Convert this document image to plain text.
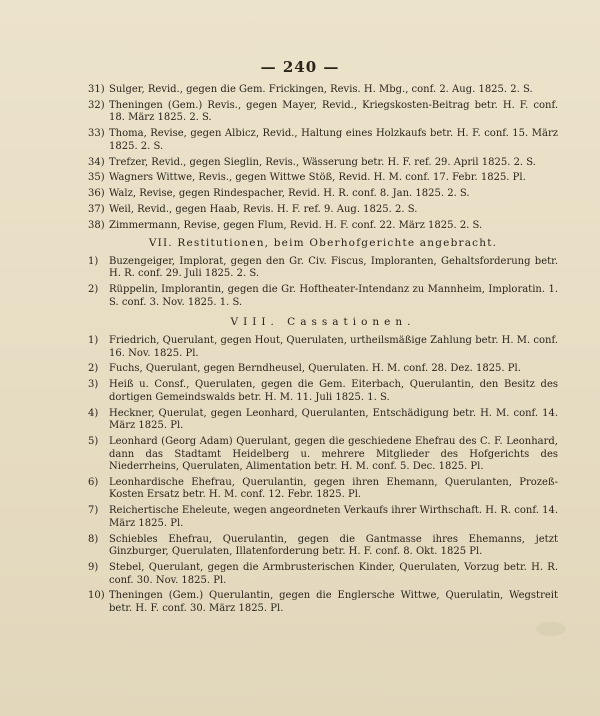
— 240 —
31) Sulger, Revid., gegen die Gem. Frickingen, Revis. H. Mbg., conf. 2. Aug. 1825. 2. S.
32) Theningen (Gem.) Revis., gegen Mayer, Revid., Kriegskosten-Beitrag betr. H. F. conf. 18. März 1825. 2. S.
33) Thoma, Revise, gegen Albicz, Revid., Haltung eines Holzkaufs betr. H. F. conf. 15. März 1825. 2. S.
34) Trefzer, Revid., gegen Sieglin, Revis., Wässerung betr. H. F. ref. 29. April 1825. 2. S.
35) Wagners Wittwe, Revis., gegen Wittwe Stöß, Revid. H. M. conf. 17. Febr. 1825. Pl.
36) Walz, Revise, gegen Rindespacher, Revid. H. R. conf. 8. Jan. 1825. 2. S.
37) Weil, Revid., gegen Haab, Revis. H. F. ref. 9. Aug. 1825. 2. S.
38) Zimmermann, Revise, gegen Flum, Revid. H. F. conf. 22. März 1825. 2. S.
VII. Restitutionen, beim Oberhofgerichte angebracht.
1)	Buzengeiger, Implorat, gegen den Gr. Civ. Fiscus, Imploranten, Gehaltsforderung betr. H. R. conf. 29. Juli 1825. 2. S.
2)	Rüppelin, Implorantin, gegen die Gr. Hoftheater-Intendanz zu Mannheim, Imploratin. 1. S. conf. 3. Nov. 1825. 1. S.
VIII. Cassationen.
1)	Friedrich, Querulant, gegen Hout, Querulaten, urtheilsmäßige Zahlung betr. H. M. conf. 16. Nov. 1825. Pl.
2)	Fuchs, Querulant, gegen Berndheusel, Querulaten. H. M. conf. 28. Dez. 1825. Pl.
3)	Heiß u. Consf., Querulaten, gegen die Gem. Eiterbach, Querulantin, den Besitz des dortigen Gemeindswalds betr. H. M. 11. Juli 1825. 1. S.
4)	Heckner, Querulat, gegen Leonhard, Querulanten, Entschädigung betr. H. M. conf. 14. März 1825. Pl.
5)	Leonhard (Georg Adam) Querulant, gegen die geschiedene Ehefrau des C. F. Leonhard, dann das Stadtamt Heidelberg u. mehrere Mitglieder des Hofgerichts des Niederrheins, Querulaten, Alimentation betr. H. M. conf. 5. Dec. 1825. Pl.
6)	Leonhardische Ehefrau, Querulantin, gegen ihren Ehemann, Querulanten, Prozeß-Kosten Ersatz betr. H. M. conf. 12. Febr. 1825. Pl.
7)	Reichertische Eheleute, wegen angeordneten Verkaufs ihrer Wirthschaft. H. R. conf. 14. März 1825. Pl.
8)	Schiebles Ehefrau, Querulantin, gegen die Gantmasse ihres Ehemanns, jetzt Ginzburger, Querulaten, Illatenforderung betr. H. F. conf. 8. Okt. 1825 Pl.
9)	Stebel, Querulant, gegen die Armbrusterischen Kinder, Querulaten, Vorzug betr. H. R. conf. 30. Nov. 1825. Pl.
10) Theningen (Gem.) Querulantin, gegen die Englersche Wittwe, Querulatin, Wegstreit betr. H. F. conf. 30. März 1825. Pl.
